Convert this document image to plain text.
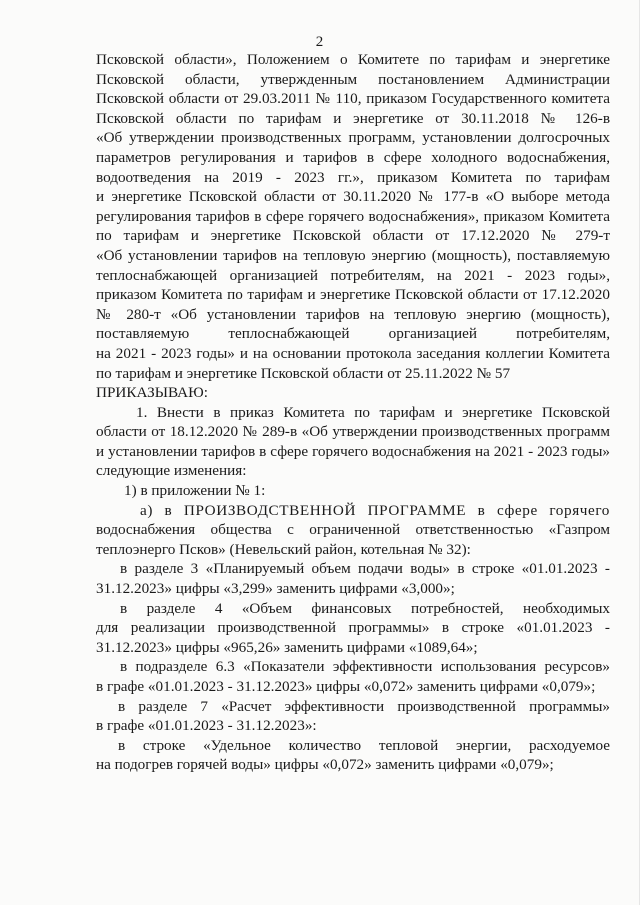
2
Псковской области», Положением о Комитете по тарифам и энергетике
Псковской области, утвержденным постановлением Администрации
Псковской области от 29.03.2011 № 110, приказом Государственного комитета
Псковской области по тарифам и энергетике от 30.11.2018 № 126-в
«Об утверждении производственных программ, установлении долгосрочных
параметров регулирования и тарифов в сфере холодного водоснабжения,
водоотведения на 2019 - 2023 гг.», приказом Комитета по тарифам
и энергетике Псковской области от 30.11.2020 № 177-в «О выборе метода
регулирования тарифов в сфере горячего водоснабжения», приказом Комитета
по тарифам и энергетике Псковской области от 17.12.2020 № 279-т
«Об установлении тарифов на тепловую энергию (мощность), поставляемую
теплоснабжающей организацией потребителям, на 2021 - 2023 годы»,
приказом Комитета по тарифам и энергетике Псковской области от 17.12.2020
№ 280-т «Об установлении тарифов на тепловую энергию (мощность),
поставляемую теплоснабжающей организацией потребителям,
на 2021 - 2023 годы» и на основании протокола заседания коллегии Комитета
по тарифам и энергетике Псковской области от 25.11.2022 № 57
ПРИКАЗЫВАЮ:
1. Внести в приказ Комитета по тарифам и энергетике Псковской
области от 18.12.2020 № 289-в «Об утверждении производственных программ
и установлении тарифов в сфере горячего водоснабжения на 2021 - 2023 годы»
следующие изменения:
1) в приложении № 1:
а) в ПРОИЗВОДСТВЕННОЙ ПРОГРАММЕ в сфере горячего
водоснабжения общества с ограниченной ответственностью «Газпром
теплоэнерго Псков» (Невельский район, котельная № 32):
в разделе 3 «Планируемый объем подачи воды» в строке «01.01.2023 -
31.12.2023» цифры «3,299» заменить цифрами «3,000»;
в разделе 4 «Объем финансовых потребностей, необходимых
для реализации производственной программы» в строке «01.01.2023 -
31.12.2023» цифры «965,26» заменить цифрами «1089,64»;
в подразделе 6.3 «Показатели эффективности использования ресурсов»
в графе «01.01.2023 - 31.12.2023» цифры «0,072» заменить цифрами «0,079»;
в разделе 7 «Расчет эффективности производственной программы»
в графе «01.01.2023 - 31.12.2023»:
в строке «Удельное количество тепловой энергии, расходуемое
на подогрев горячей воды» цифры «0,072» заменить цифрами «0,079»;
